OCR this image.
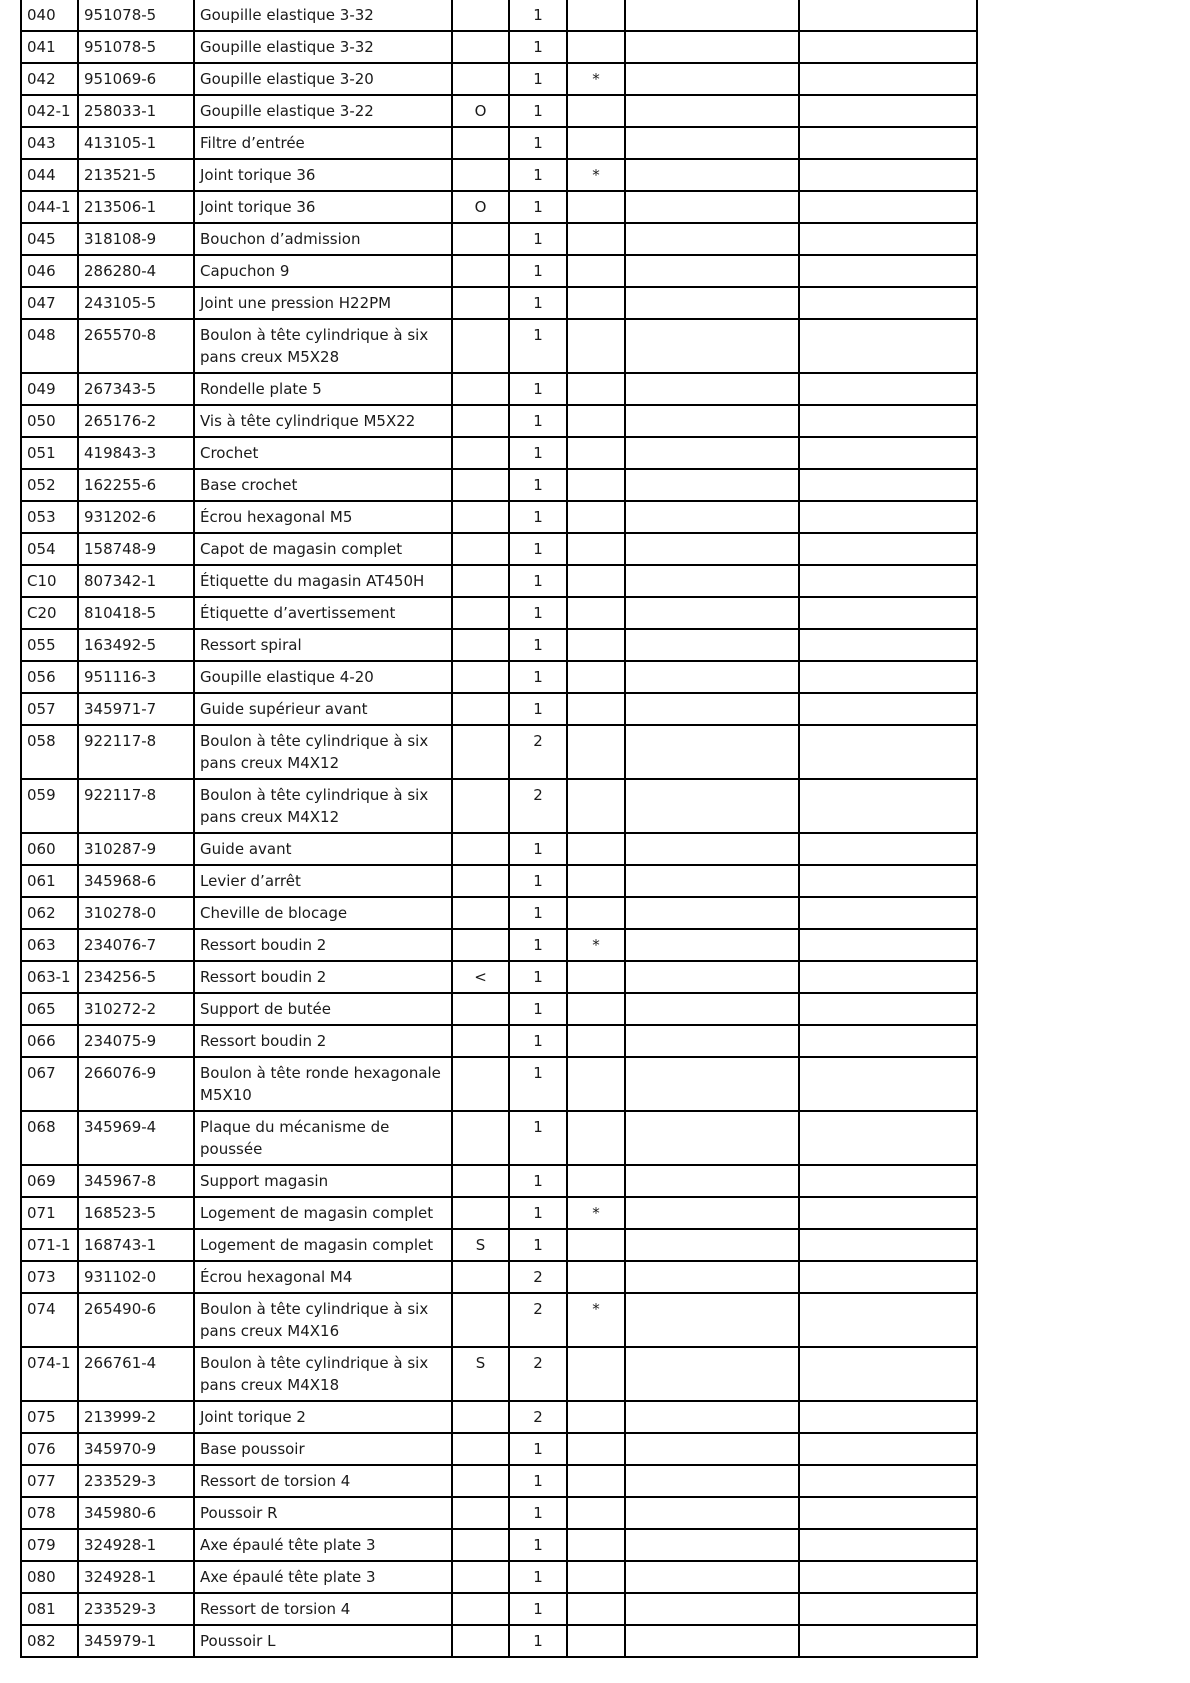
040	951078-5	Goupille elastique 3-32		1			
041	951078-5	Goupille elastique 3-32		1			
042	951069-6	Goupille elastique 3-20		1	*		
042-1	258033-1	Goupille elastique 3-22	O	1			
043	413105-1	Filtre d’entrée		1			
044	213521-5	Joint torique 36		1	*		
044-1	213506-1	Joint torique 36	O	1			
045	318108-9	Bouchon d’admission		1			
046	286280-4	Capuchon 9		1			
047	243105-5	Joint une pression H22PM		1			
048	265570-8	Boulon à tête cylindrique à six pans creux M5X28		1			
049	267343-5	Rondelle plate 5		1			
050	265176-2	Vis à tête cylindrique M5X22		1			
051	419843-3	Crochet		1			
052	162255-6	Base crochet		1			
053	931202-6	Écrou hexagonal M5		1			
054	158748-9	Capot de magasin complet		1			
C10	807342-1	Étiquette du magasin AT450H		1			
C20	810418-5	Étiquette d’avertissement		1			
055	163492-5	Ressort spiral		1			
056	951116-3	Goupille elastique 4-20		1			
057	345971-7	Guide supérieur avant		1			
058	922117-8	Boulon à tête cylindrique à six pans creux M4X12		2			
059	922117-8	Boulon à tête cylindrique à six pans creux M4X12		2			
060	310287-9	Guide avant		1			
061	345968-6	Levier d’arrêt		1			
062	310278-0	Cheville de blocage		1			
063	234076-7	Ressort boudin 2		1	*		
063-1	234256-5	Ressort boudin 2	<	1			
065	310272-2	Support de butée		1			
066	234075-9	Ressort boudin 2		1			
067	266076-9	Boulon à tête ronde hexagonale M5X10		1			
068	345969-4	Plaque du mécanisme de poussée		1			
069	345967-8	Support magasin		1			
071	168523-5	Logement de magasin complet		1	*		
071-1	168743-1	Logement de magasin complet	S	1			
073	931102-0	Écrou hexagonal M4		2			
074	265490-6	Boulon à tête cylindrique à six pans creux M4X16		2	*		
074-1	266761-4	Boulon à tête cylindrique à six pans creux M4X18	S	2			
075	213999-2	Joint torique 2		2			
076	345970-9	Base poussoir		1			
077	233529-3	Ressort de torsion 4		1			
078	345980-6	Poussoir R		1			
079	324928-1	Axe épaulé tête plate 3		1			
080	324928-1	Axe épaulé tête plate 3		1			
081	233529-3	Ressort de torsion 4		1			
082	345979-1	Poussoir L		1			
